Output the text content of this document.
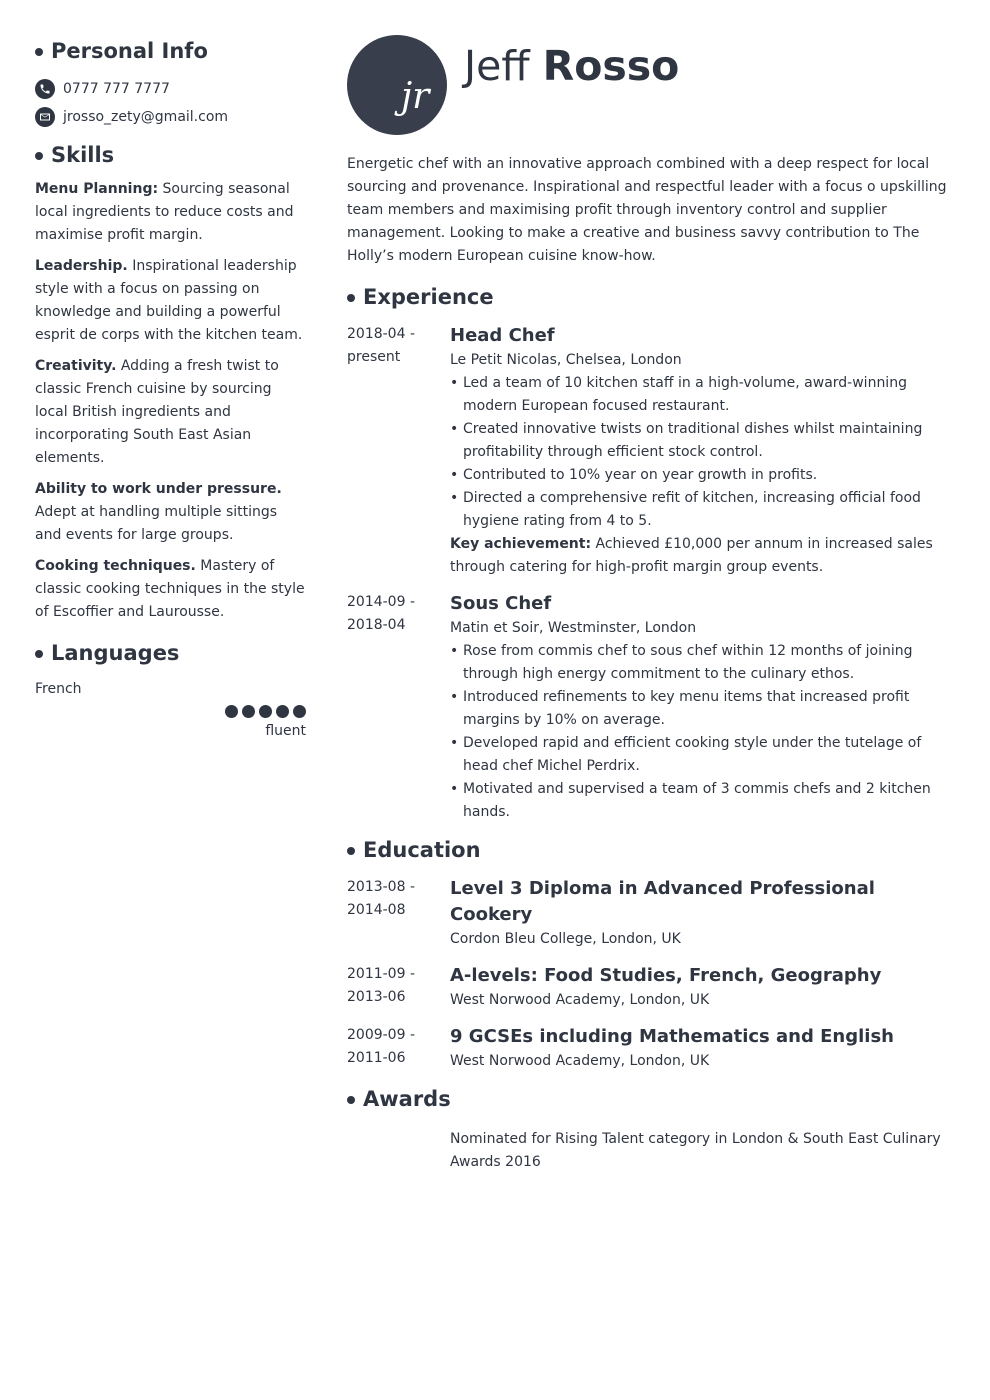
Personal Info
0777 777 7777
jrosso_zety@gmail.com
Skills
Menu Planning: Sourcing seasonal local ingredients to reduce costs and maximise profit margin.
Leadership. Inspirational leadership style with a focus on passing on knowledge and building a powerful esprit de corps with the kitchen team.
Creativity. Adding a fresh twist to classic French cuisine by sourcing local British ingredients and incorporating South East Asian elements.
Ability to work under pressure. Adept at handling multiple sittings and events for large groups.
Cooking techniques. Mastery of classic cooking techniques in the style of Escoffier and Laurousse.
Languages
French
fluent
jr
Jeff Rosso

Energetic chef with an innovative approach combined with a deep respect for local sourcing and provenance. Inspirational and respectful leader with a focus o upskilling team members and maximising profit through inventory control and supplier management. Looking to make a creative and business savvy contribution to The Holly’s modern European cuisine know-how.

Experience
2018-04 -
present
Head Chef
Le Petit Nicolas, Chelsea, London
• Led a team of 10 kitchen staff in a high-volume, award-winning modern European focused restaurant.
• Created innovative twists on traditional dishes whilst maintaining profitability through efficient stock control.
• Contributed to 10% year on year growth in profits.
• Directed a comprehensive refit of kitchen, increasing official food hygiene rating from 4 to 5.
Key achievement: Achieved £10,000 per annum in increased sales through catering for high-profit margin group events.
2014-09 -
2018-04
Sous Chef
Matin et Soir, Westminster, London
• Rose from commis chef to sous chef within 12 months of joining through high energy commitment to the culinary ethos.
• Introduced refinements to key menu items that increased profit margins by 10% on average.
• Developed rapid and efficient cooking style under the tutelage of head chef Michel Perdrix.
• Motivated and supervised a team of 3 commis chefs and 2 kitchen hands.
Education
2013-08 -
2014-08
Level 3 Diploma in Advanced Professional Cookery
Cordon Bleu College, London, UK
2011-09 -
2013-06
A-levels: Food Studies, French, Geography
West Norwood Academy, London, UK
2009-09 -
2011-06
9 GCSEs including Mathematics and English
West Norwood Academy, London, UK
Awards
Nominated for Rising Talent category in London & South East Culinary Awards 2016
